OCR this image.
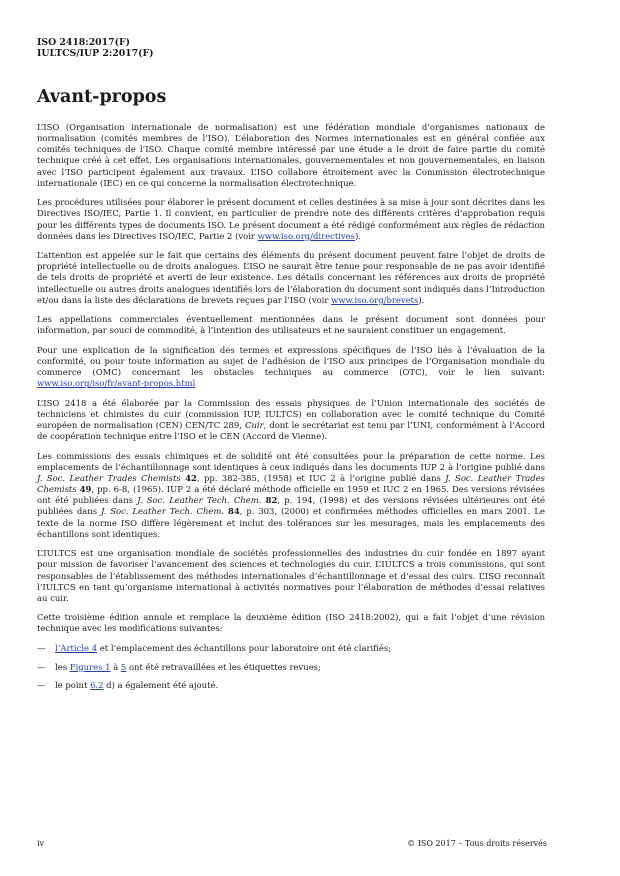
ISO 2418:2017(F)
IULTCS/IUP 2:2017(F)
Avant-propos

L’ISO (Organisation internationale de normalisation) est une fédération mondiale d’organismes nationaux de normalisation (comités membres de l’ISO). L’élaboration des Normes internationales est en général confiée aux comités techniques de l’ISO. Chaque comité membre intéressé par une étude a le droit de faire partie du comité technique créé à cet effet. Les organisations internationales, gouvernementales et non gouvernementales, en liaison avec l’ISO participent également aux travaux. L’ISO collabore étroitement avec la Commission électrotechnique internationale (IEC) en ce qui concerne la normalisation électrotechnique.

Les procédures utilisées pour élaborer le présent document et celles destinées à sa mise à jour sont décrites dans les Directives ISO/IEC, Partie 1. Il convient, en particulier de prendre note des différents critères d’approbation requis pour les différents types de documents ISO. Le présent document a été rédigé conformément aux règles de rédaction données dans les Directives ISO/IEC, Partie 2 (voir www.iso.org/directives).

L’attention est appelée sur le fait que certains des éléments du présent document peuvent faire l’objet de droits de propriété intellectuelle ou de droits analogues. L’ISO ne saurait être tenue pour responsable de ne pas avoir identifié de tels droits de propriété et averti de leur existence. Les détails concernant les références aux droits de propriété intellectuelle ou autres droits analogues identifiés lors de l’élaboration du document sont indiqués dans l’Introduction et/ou dans la liste des déclarations de brevets reçues par l’ISO (voir www.iso.org/brevets).

Les appellations commerciales éventuellement mentionnées dans le présent document sont données pour information, par souci de commodité, à l’intention des utilisateurs et ne sauraient constituer un engagement.

Pour une explication de la signification des termes et expressions spécifiques de l’ISO liés à l’évaluation de la conformité, ou pour toute information au sujet de l’adhésion de l’ISO aux principes de l’Organisation mondiale du commerce (OMC) concernant les obstacles techniques au commerce (OTC), voir le lien suivant: www.iso.org/iso/fr/avant-propos.html

L’ISO 2418 a été élaborée par la Commission des essais physiques de l’Union internationale des sociétés de techniciens et chimistes du cuir (commission IUP, IULTCS) en collaboration avec le comité technique du Comité européen de normalisation (CEN) CEN/TC 289, Cuir, dont le secrétariat est tenu par l’UNI, conformément à l’Accord de coopération technique entre l’ISO et le CEN (Accord de Vienne).

Les commissions des essais chimiques et de solidité ont été consultées pour la préparation de cette norme. Les emplacements de l’échantillonnage sont identiques à ceux indiqués dans les documents IUP 2 à l’origine publié dans J. Soc. Leather Trades Chemists 42, pp. 382-385, (1958) et IUC 2 à l’origine publié dans J. Soc. Leather Trades Chemists 49, pp. 6-8, (1965). IUP 2 a été déclaré méthode officielle en 1959 et IUC 2 en 1965. Des versions révisées ont été publiées dans J. Soc. Leather Tech. Chem. 82, p. 194, (1998) et des versions révisées ultérieures ont été publiées dans J. Soc. Leather Tech. Chem. 84, p. 303, (2000) et confirmées méthodes officielles en mars 2001. Le texte de la norme ISO diffère légèrement et inclut des tolérances sur les mesurages, mais les emplacements des échantillons sont identiques.

L’IULTCS est une organisation mondiale de sociétés professionnelles des industries du cuir fondée en 1897 ayant pour mission de favoriser l’avancement des sciences et technologies du cuir. L’IULTCS a trois commissions, qui sont responsables de l’établissement des méthodes internationales d’échantillonnage et d’essai des cuirs. L’ISO reconnaît l’IULTCS en tant qu’organisme international à activités normatives pour l’élaboration de méthodes d’essai relatives au cuir.

Cette troisième édition annule et remplace la deuxième édition (ISO 2418:2002), qui a fait l’objet d’une révision technique avec les modifications suivantes:

— l’Article 4 et l’emplacement des échantillons pour laboratoire ont été clarifiés;

— les Figures 1 à 5 ont été retravaillées et les étiquettes revues;

— le point 6.2 d) a également été ajouté.

iv	© ISO 2017 – Tous droits réservés
